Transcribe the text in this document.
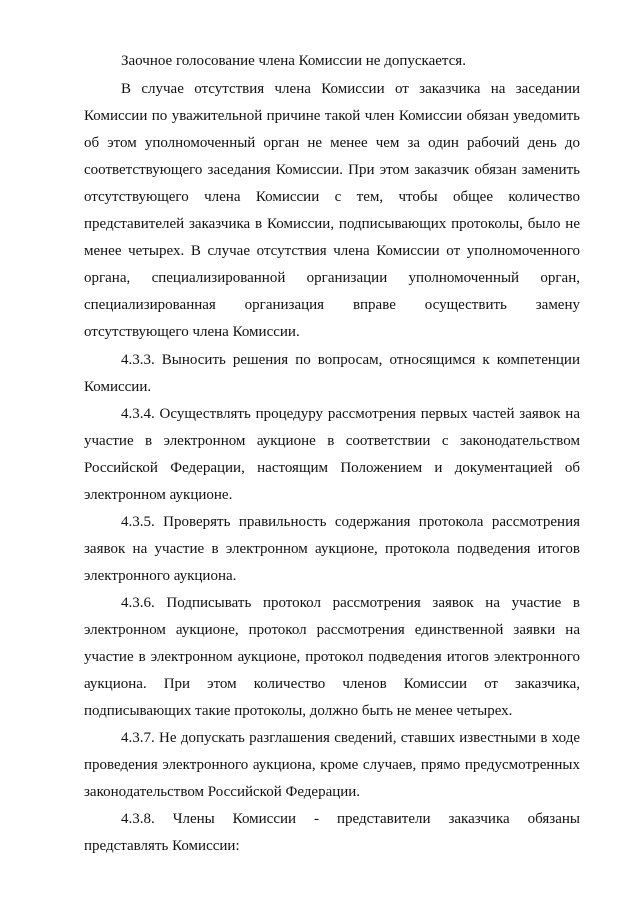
Заочное голосование члена Комиссии не допускается.
В случае отсутствия члена Комиссии от заказчика на заседании
Комиссии по уважительной причине такой член Комиссии обязан уведомить
об этом уполномоченный орган не менее чем за один рабочий день до
соответствующего заседания Комиссии. При этом заказчик обязан заменить
отсутствующего члена Комиссии с тем, чтобы общее количество
представителей заказчика в Комиссии, подписывающих протоколы, было не
менее четырех. В случае отсутствия члена Комиссии от уполномоченного
органа, специализированной организации уполномоченный орган,
специализированная организация вправе осуществить замену
отсутствующего члена Комиссии.
4.3.3. Выносить решения по вопросам, относящимся к компетенции
Комиссии.
4.3.4. Осуществлять процедуру рассмотрения первых частей заявок на
участие в электронном аукционе в соответствии с законодательством
Российской Федерации, настоящим Положением и документацией об
электронном аукционе.
4.3.5. Проверять правильность содержания протокола рассмотрения
заявок на участие в электронном аукционе, протокола подведения итогов
электронного аукциона.
4.3.6. Подписывать протокол рассмотрения заявок на участие в
электронном аукционе, протокол рассмотрения единственной заявки на
участие в электронном аукционе, протокол подведения итогов электронного
аукциона. При этом количество членов Комиссии от заказчика,
подписывающих такие протоколы, должно быть не менее четырех.
4.3.7. Не допускать разглашения сведений, ставших известными в ходе
проведения электронного аукциона, кроме случаев, прямо предусмотренных
законодательством Российской Федерации.
4.3.8. Члены Комиссии - представители заказчика обязаны
представлять Комиссии:
